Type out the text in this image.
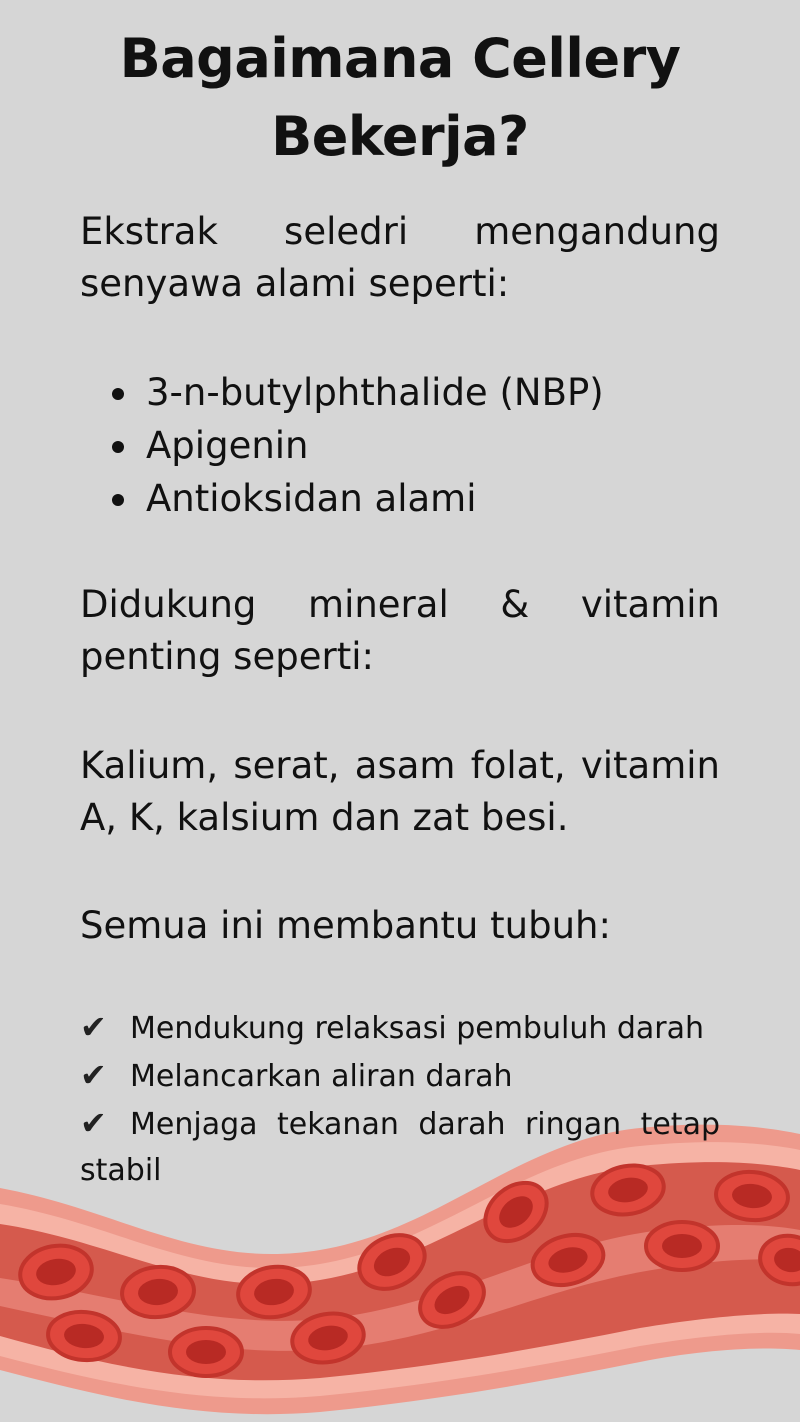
Bagaimana Cellery Bekerja?
Ekstrak seledri mengandung senyawa alami seperti:
3-n-butylphthalide (NBP)
Apigenin
Antioksidan alami
Didukung mineral & vitamin penting seperti:
Kalium, serat, asam folat, vitamin A, K, kalsium dan zat besi.
Semua ini membantu tubuh:
✔ Mendukung relaksasi pembuluh darah
✔ Melancarkan aliran darah
✔ Menjaga tekanan darah ringan tetap stabil
